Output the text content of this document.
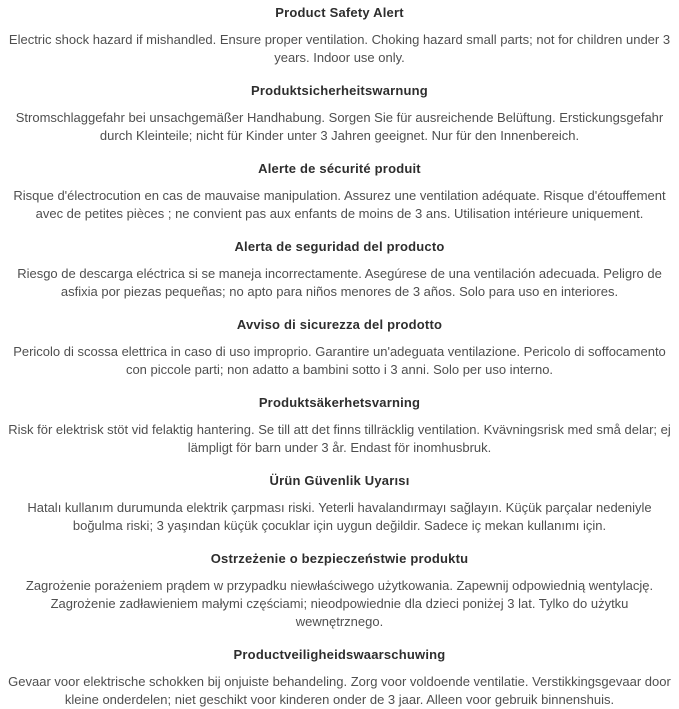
Product Safety Alert

Electric shock hazard if mishandled. Ensure proper ventilation. Choking hazard small parts; not for children under 3 years. Indoor use only.

Produktsicherheitswarnung

Stromschlaggefahr bei unsachgemäßer Handhabung. Sorgen Sie für ausreichende Belüftung. Erstickungsgefahr durch Kleinteile; nicht für Kinder unter 3 Jahren geeignet. Nur für den Innenbereich.

Alerte de sécurité produit

Risque d'électrocution en cas de mauvaise manipulation. Assurez une ventilation adéquate. Risque d'étouffement avec de petites pièces ; ne convient pas aux enfants de moins de 3 ans. Utilisation intérieure uniquement.

Alerta de seguridad del producto

Riesgo de descarga eléctrica si se maneja incorrectamente. Asegúrese de una ventilación adecuada. Peligro de asfixia por piezas pequeñas; no apto para niños menores de 3 años. Solo para uso en interiores.

Avviso di sicurezza del prodotto

Pericolo di scossa elettrica in caso di uso improprio. Garantire un'adeguata ventilazione. Pericolo di soffocamento con piccole parti; non adatto a bambini sotto i 3 anni. Solo per uso interno.

Produktsäkerhetsvarning

Risk för elektrisk stöt vid felaktig hantering. Se till att det finns tillräcklig ventilation. Kvävningsrisk med små delar; ej lämpligt för barn under 3 år. Endast för inomhusbruk.

Ürün Güvenlik Uyarısı

Hatalı kullanım durumunda elektrik çarpması riski. Yeterli havalandırmayı sağlayın. Küçük parçalar nedeniyle boğulma riski; 3 yaşından küçük çocuklar için uygun değildir. Sadece iç mekan kullanımı için.

Ostrzeżenie o bezpieczeństwie produktu

Zagrożenie porażeniem prądem w przypadku niewłaściwego użytkowania. Zapewnij odpowiednią wentylację. Zagrożenie zadławieniem małymi częściami; nieodpowiednie dla dzieci poniżej 3 lat. Tylko do użytku wewnętrznego.

Productveiligheidswaarschuwing

Gevaar voor elektrische schokken bij onjuiste behandeling. Zorg voor voldoende ventilatie. Verstikkingsgevaar door kleine onderdelen; niet geschikt voor kinderen onder de 3 jaar. Alleen voor gebruik binnenshuis.
